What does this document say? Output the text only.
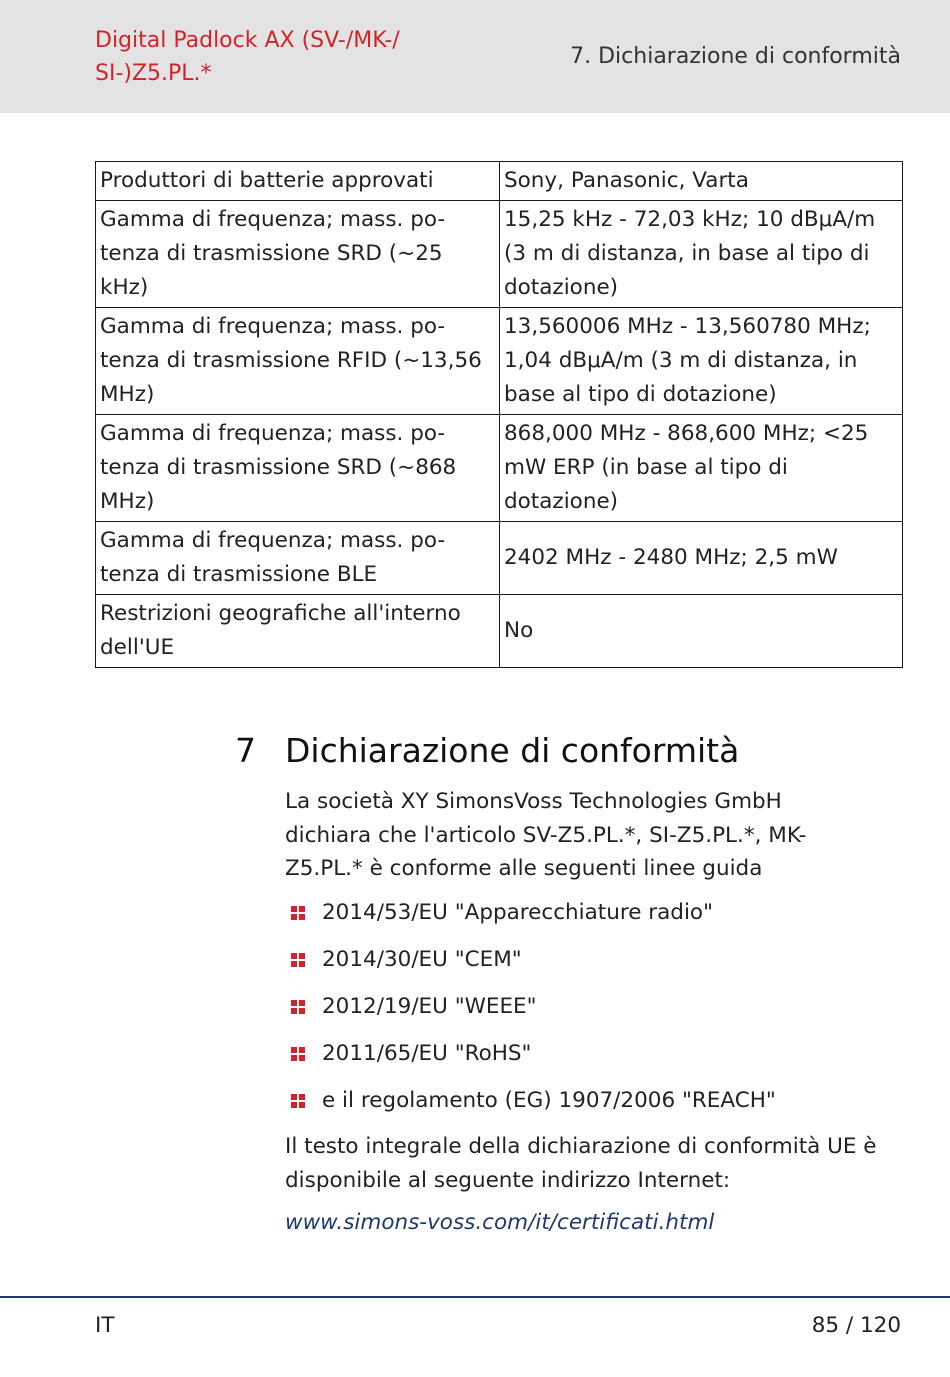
Digital Padlock AX (SV-/MK-/ SI-)Z5.PL.*
7. Dichiarazione di conformità
Produttori di batterie approvati	Sony, Panasonic, Varta
Gamma di frequenza; mass. po-tenza di trasmissione SRD (~25 kHz)	15,25 kHz - 72,03 kHz; 10 dBμA/m (3 m di distanza, in base al tipo di dotazione)
Gamma di frequenza; mass. po-tenza di trasmissione RFID (~13,56 MHz)	13,560006 MHz - 13,560780 MHz; 1,04 dBμA/m (3 m di distanza, in base al tipo di dotazione)
Gamma di frequenza; mass. po-tenza di trasmissione SRD (~868 MHz)	868,000 MHz - 868,600 MHz; <25 mW ERP (in base al tipo di dotazione)
Gamma di frequenza; mass. po-tenza di trasmissione BLE	2402 MHz - 2480 MHz; 2,5 mW
Restrizioni geografiche all'interno dell'UE	No
7 Dichiarazione di conformità

La società XY SimonsVoss Technologies GmbH dichiara che l'articolo SV-Z5.PL.*, SI-Z5.PL.*, MK-Z5.PL.* è conforme alle seguenti linee guida

2014/53/EU "Apparecchiature radio"
2014/30/EU "CEM"
2012/19/EU "WEEE"
2011/65/EU "RoHS"
e il regolamento (EG) 1907/2006 "REACH"

Il testo integrale della dichiarazione di conformità UE è disponibile al seguente indirizzo Internet:

www.simons-voss.com/it/certificati.html
IT	85 / 120
